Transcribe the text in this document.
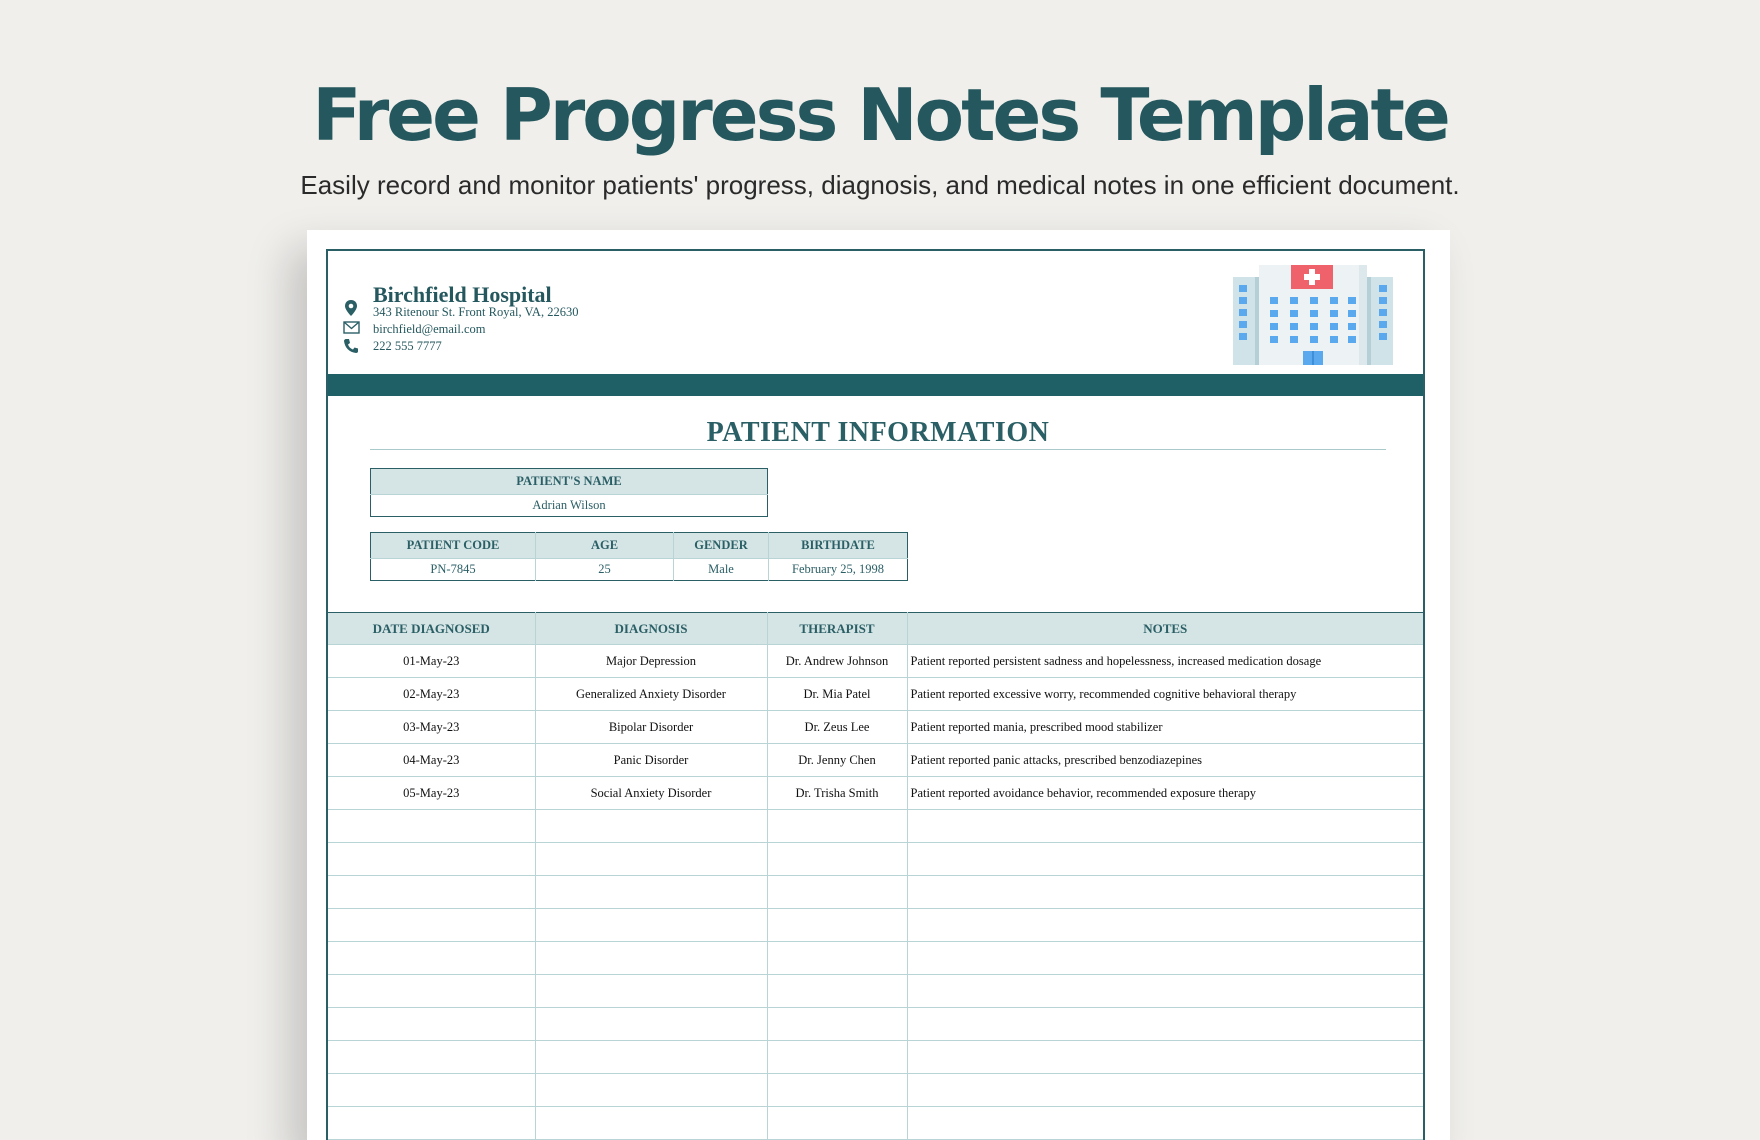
Free Progress Notes Template
Easily record and monitor patients' progress, diagnosis, and medical notes in one efficient document.
Birchfield Hospital
343 Ritenour St. Front Royal, VA, 22630
birchfield@email.com
222 555 7777
PATIENT INFORMATION
PATIENT'S NAME
Adrian Wilson
PATIENT CODE	AGE	GENDER	BIRTHDATE
PN-7845	25	Male	February 25, 1998
DATE DIAGNOSED	DIAGNOSIS	THERAPIST	NOTES
01-May-23	Major Depression	Dr. Andrew Johnson	Patient reported persistent sadness and hopelessness, increased medication dosage
02-May-23	Generalized Anxiety Disorder	Dr. Mia Patel	Patient reported excessive worry, recommended cognitive behavioral therapy
03-May-23	Bipolar Disorder	Dr. Zeus Lee	Patient reported mania, prescribed mood stabilizer
04-May-23	Panic Disorder	Dr. Jenny Chen	Patient reported panic attacks, prescribed benzodiazepines
05-May-23	Social Anxiety Disorder	Dr. Trisha Smith	Patient reported avoidance behavior, recommended exposure therapy
